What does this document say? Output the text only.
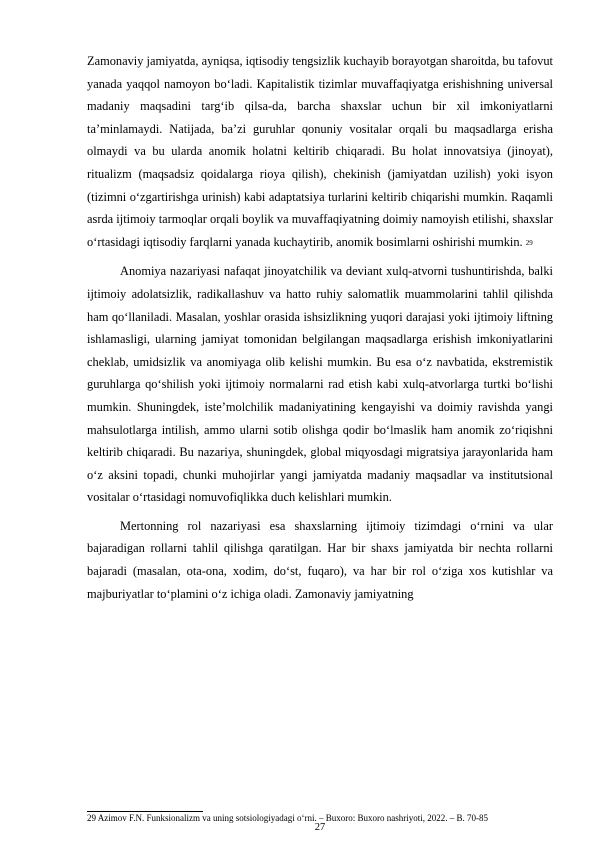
Zamonaviy jamiyatda, ayniqsa, iqtisodiy tengsizlik kuchayib borayotgan sharoitda, bu tafovut yanada yaqqol namoyon bo‘ladi. Kapitalistik tizimlar muvaffaqiyatga erishishning universal madaniy maqsadini targ‘ib qilsa-da, barcha shaxslar uchun bir xil imkoniyatlarni ta’minlamaydi. Natijada, ba’zi guruhlar qonuniy vositalar orqali bu maqsadlarga erisha olmaydi va bu ularda anomik holatni keltirib chiqaradi. Bu holat innovatsiya (jinoyat), ritualizm (maqsadsiz qoidalarga rioya qilish), chekinish (jamiyatdan uzilish) yoki isyon (tizimni o‘zgartirishga urinish) kabi adaptatsiya turlarini keltirib chiqarishi mumkin. Raqamli asrda ijtimoiy tarmoqlar orqali boylik va muvaffaqiyatning doimiy namoyish etilishi, shaxslar o‘rtasidagi iqtisodiy farqlarni yanada kuchaytirib, anomik bosimlarni oshirishi mumkin. $^{29}$

Anomiya nazariyasi nafaqat jinoyatchilik va deviant xulq-atvorni tushuntirishda, balki ijtimoiy adolatsizlik, radikallashuv va hatto ruhiy salomatlik muammolarini tahlil qilishda ham qo‘llaniladi. Masalan, yoshlar orasida ishsizlikning yuqori darajasi yoki ijtimoiy liftning ishlamasligi, ularning jamiyat tomonidan belgilangan maqsadlarga erishish imkoniyatlarini cheklab, umidsizlik va anomiyaga olib kelishi mumkin. Bu esa o‘z navbatida, ekstremistik guruhlarga qo‘shilish yoki ijtimoiy normalarni rad etish kabi xulq-atvorlarga turtki bo‘lishi mumkin. Shuningdek, iste’molchilik madaniyatining kengayishi va doimiy ravishda yangi mahsulotlarga intilish, ammo ularni sotib olishga qodir bo‘lmaslik ham anomik zo‘riqishni keltirib chiqaradi. Bu nazariya, shuningdek, global miqyosdagi migratsiya jarayonlarida ham o‘z aksini topadi, chunki muhojirlar yangi jamiyatda madaniy maqsadlar va institutsional vositalar o‘rtasidagi nomuvofiqlikka duch kelishlari mumkin.

Mertonning rol nazariyasi esa shaxslarning ijtimoiy tizimdagi o‘rnini va ular bajaradigan rollarni tahlil qilishga qaratilgan. Har bir shaxs jamiyatda bir nechta rollarni bajaradi (masalan, ota-ona, xodim, do‘st, fuqaro), va har bir rol o‘ziga xos kutishlar va majburiyatlar to‘plamini o‘z ichiga oladi. Zamonaviy jamiyatning

29 Azimov F.N. Funksionalizm va uning sotsiologiyadagi o‘rni. – Buxoro: Buxoro nashriyoti, 2022. – B. 70-85
27
